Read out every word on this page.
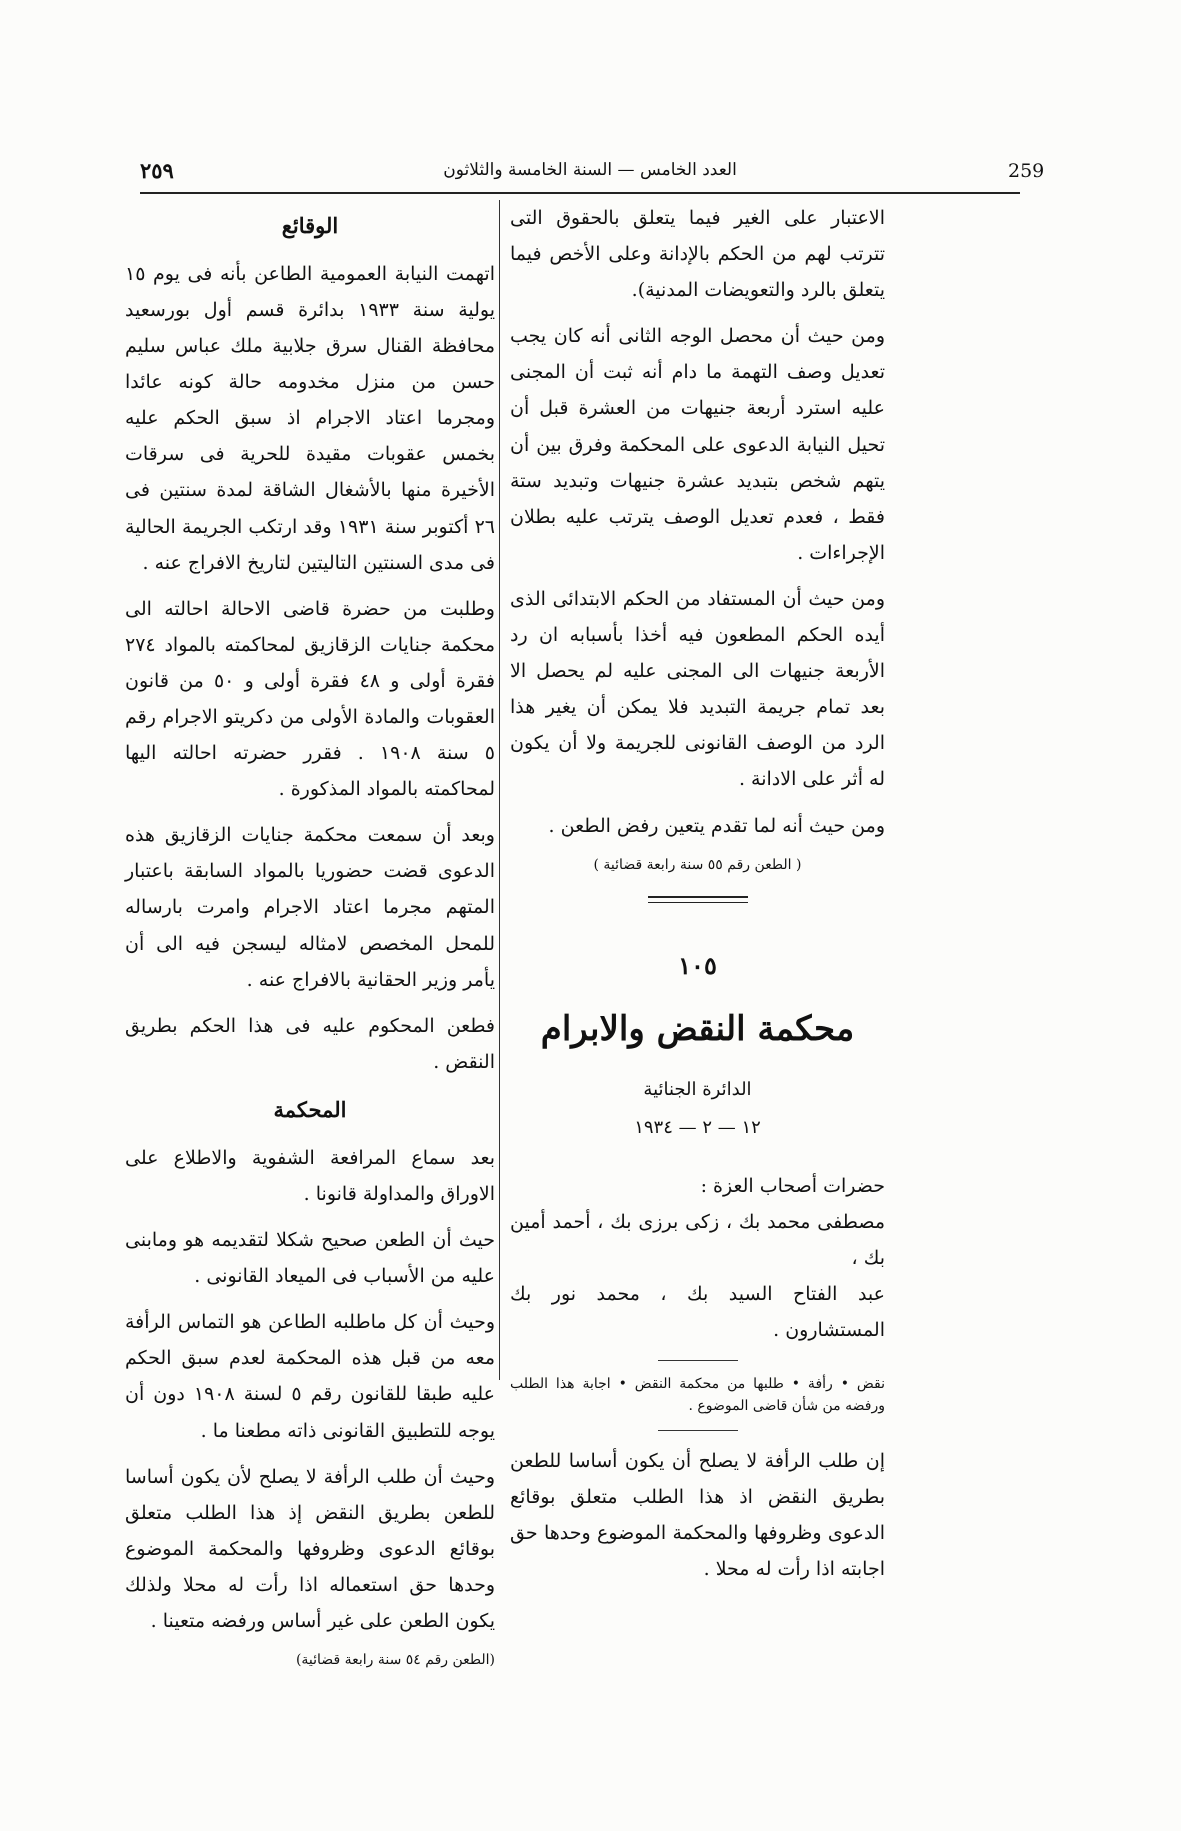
259
العدد الخامس — السنة الخامسة والثلاثون
٢٥٩

الاعتبار على الغير فيما يتعلق بالحقوق التى تترتب لهم من الحكم بالإدانة وعلى الأخص فيما يتعلق بالرد والتعويضات المدنية).

ومن حيث أن محصل الوجه الثانى أنه كان يجب تعديل وصف التهمة ما دام أنه ثبت أن المجنى عليه استرد أربعة جنيهات من العشرة قبل أن تحيل النيابة الدعوى على المحكمة وفرق بين أن يتهم شخص بتبديد عشرة جنيهات وتبديد ستة فقط ، فعدم تعديل الوصف يترتب عليه بطلان الإجراءات .

ومن حيث أن المستفاد من الحكم الابتدائى الذى أيده الحكم المطعون فيه أخذا بأسبابه ان رد الأربعة جنيهات الى المجنى عليه لم يحصل الا بعد تمام جريمة التبديد فلا يمكن أن يغير هذا الرد من الوصف القانونى للجريمة ولا أن يكون له أثر على الادانة .

ومن حيث أنه لما تقدم يتعين رفض الطعن .

( الطعن رقم ٥٥ سنة رابعة قضائية )

١٠٥
محكمة النقض والابرام
الدائرة الجنائية
١٢ — ٢ — ١٩٣٤

حضرات أصحاب العزة :

مصطفى محمد بك ، زكى برزى بك ، أحمد أمين بك ،

عبد الفتاح السيد بك ، محمد نور بك المستشارون .

نقض • رأفة • طلبها من محكمة النقض • اجابة هذا الطلب ورفضه من شأن قاضى الموضوع .

إن طلب الرأفة لا يصلح أن يكون أساسا للطعن بطريق النقض اذ هذا الطلب متعلق بوقائع الدعوى وظروفها والمحكمة الموضوع وحدها حق اجابته اذا رأت له محلا .

الوقائع

اتهمت النيابة العمومية الطاعن بأنه فى يوم ١٥ يولية سنة ١٩٣٣ بدائرة قسم أول بورسعيد محافظة القنال سرق جلابية ملك عباس سليم حسن من منزل مخدومه حالة كونه عائدا ومجرما اعتاد الاجرام اذ سبق الحكم عليه بخمس عقوبات مقيدة للحرية فى سرقات الأخيرة منها بالأشغال الشاقة لمدة سنتين فى ٢٦ أكتوبر سنة ١٩٣١ وقد ارتكب الجريمة الحالية فى مدى السنتين التاليتين لتاريخ الافراج عنه .

وطلبت من حضرة قاضى الاحالة احالته الى محكمة جنايات الزقازيق لمحاكمته بالمواد ٢٧٤ فقرة أولى و ٤٨ فقرة أولى و ٥٠ من قانون العقوبات والمادة الأولى من دكريتو الاجرام رقم ٥ سنة ١٩٠٨ . فقرر حضرته احالته اليها لمحاكمته بالمواد المذكورة .

وبعد أن سمعت محكمة جنايات الزقازيق هذه الدعوى قضت حضوريا بالمواد السابقة باعتبار المتهم مجرما اعتاد الاجرام وامرت بارساله للمحل المخصص لامثاله ليسجن فيه الى أن يأمر وزير الحقانية بالافراج عنه .

فطعن المحكوم عليه فى هذا الحكم بطريق النقض .

المحكمة

بعد سماع المرافعة الشفوية والاطلاع على الاوراق والمداولة قانونا .

حيث أن الطعن صحيح شكلا لتقديمه هو ومابنى عليه من الأسباب فى الميعاد القانونى .

وحيث أن كل ماطلبه الطاعن هو التماس الرأفة معه من قبل هذه المحكمة لعدم سبق الحكم عليه طبقا للقانون رقم ٥ لسنة ١٩٠٨ دون أن يوجه للتطبيق القانونى ذاته مطعنا ما .

وحيث أن طلب الرأفة لا يصلح لأن يكون أساسا للطعن بطريق النقض إذ هذا الطلب متعلق بوقائع الدعوى وظروفها والمحكمة الموضوع وحدها حق استعماله اذا رأت له محلا ولذلك يكون الطعن على غير أساس ورفضه متعينا .

(الطعن رقم ٥٤ سنة رابعة قضائية)
